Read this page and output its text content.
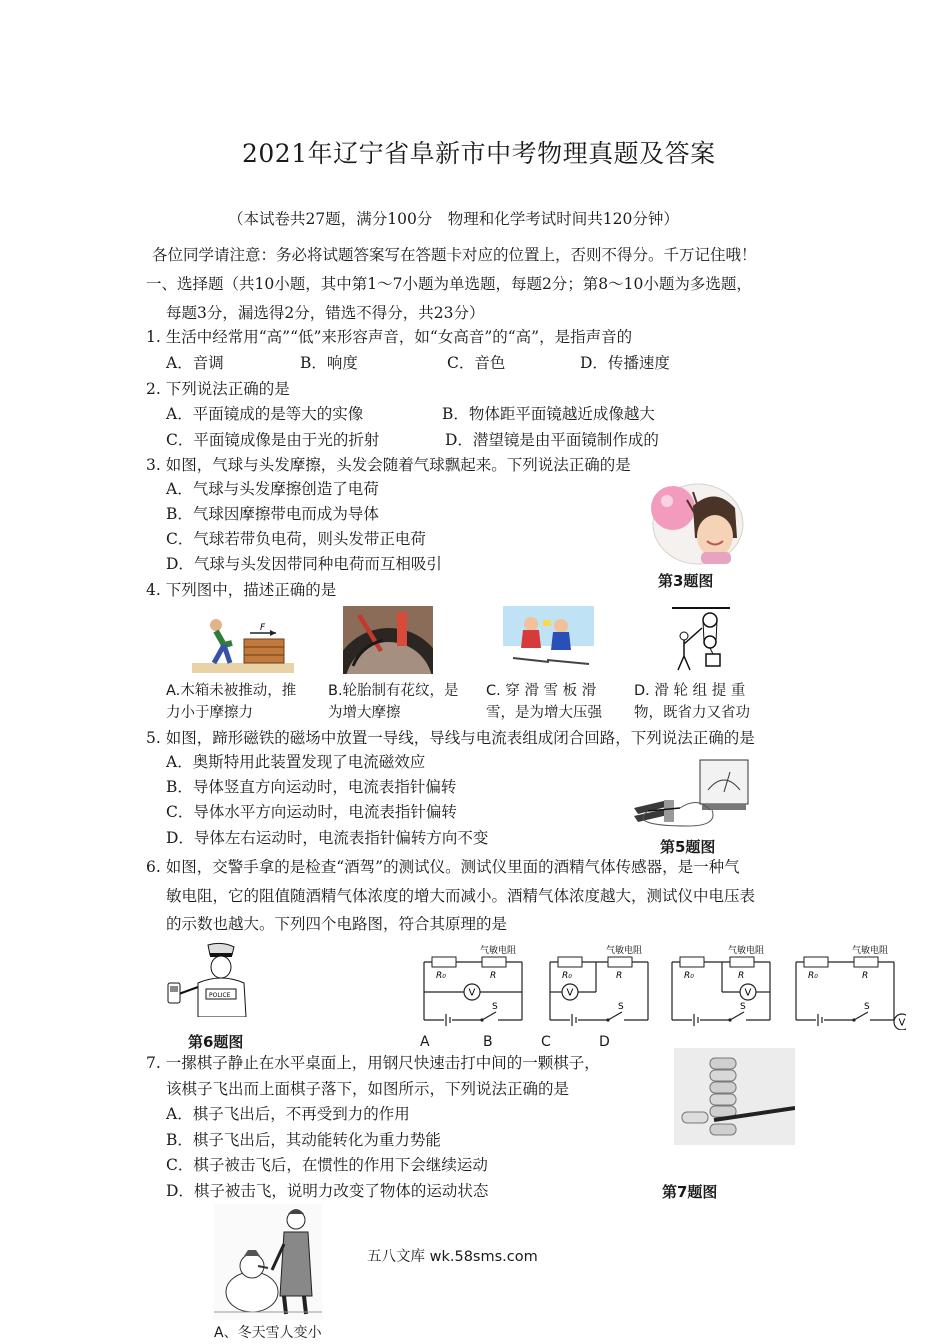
2021年辽宁省阜新市中考物理真题及答案
（本试卷共27题，满分100分　物理和化学考试时间共120分钟）
各位同学请注意：务必将试题答案写在答题卡对应的位置上，否则不得分。千万记住哦！
一、选择题（共10小题，其中第1～7小题为单选题，每题2分；第8～10小题为多选题，
每题3分，漏选得2分，错选不得分，共23分）
1. 生活中经常用“高”“低”来形容声音，如“女高音”的“高”，是指声音的
A．音调	B．响度	C．音色	D．传播速度
2. 下列说法正确的是
A．平面镜成的是等大的实像	B．物体距平面镜越近成像越大
C．平面镜成像是由于光的折射	D．潜望镜是由平面镜制作成的
3. 如图，气球与头发摩擦，头发会随着气球飘起来。下列说法正确的是
A．气球与头发摩擦创造了电荷
B．气球因摩擦带电而成为导体
C．气球若带负电荷，则头发带正电荷
D．气球与头发因带同种电荷而互相吸引
第3题图
4. 下列图中，描述正确的是
F
A.木箱未被推动，推力小于摩擦力
B.轮胎制有花纹，是为增大摩擦
C. 穿 滑 雪 板 滑 雪，是为增大压强
D. 滑 轮 组 提 重 物，既省力又省功
5. 如图，蹄形磁铁的磁场中放置一导线，导线与电流表组成闭合回路，下列说法正确的是
A．奥斯特用此装置发现了电流磁效应
B．导体竖直方向运动时，电流表指针偏转
C．导体水平方向运动时，电流表指针偏转
D．导体左右运动时，电流表指针偏转方向不变	第5题图
6. 如图，交警手拿的是检查“酒驾”的测试仪。测试仪里面的酒精气体传感器，是一种气
敏电阻，它的阻值随酒精气体浓度的增大而减小。酒精气体浓度越大，测试仪中电压表
的示数也越大。下列四个电路图，符合其原理的是
POLICE
第6题图
S
R₀	R
气敏电阻
V
S
R₀	R
气敏电阻
V
S
R₀	R
气敏电阻
V
S
R₀	R
气敏电阻
V
A	B	C	D
7. 一摞棋子静止在水平桌面上，用钢尺快速击打中间的一颗棋子，
该棋子飞出而上面棋子落下，如图所示，下列说法正确的是
A．棋子飞出后，不再受到力的作用
B．棋子飞出后，其动能转化为重力势能
C．棋子被击飞后，在惯性的作用下会继续运动
D．棋子被击飞，说明力改变了物体的运动状态	第7题图
五八文库 wk.58sms.com
A、冬天雪人变小
